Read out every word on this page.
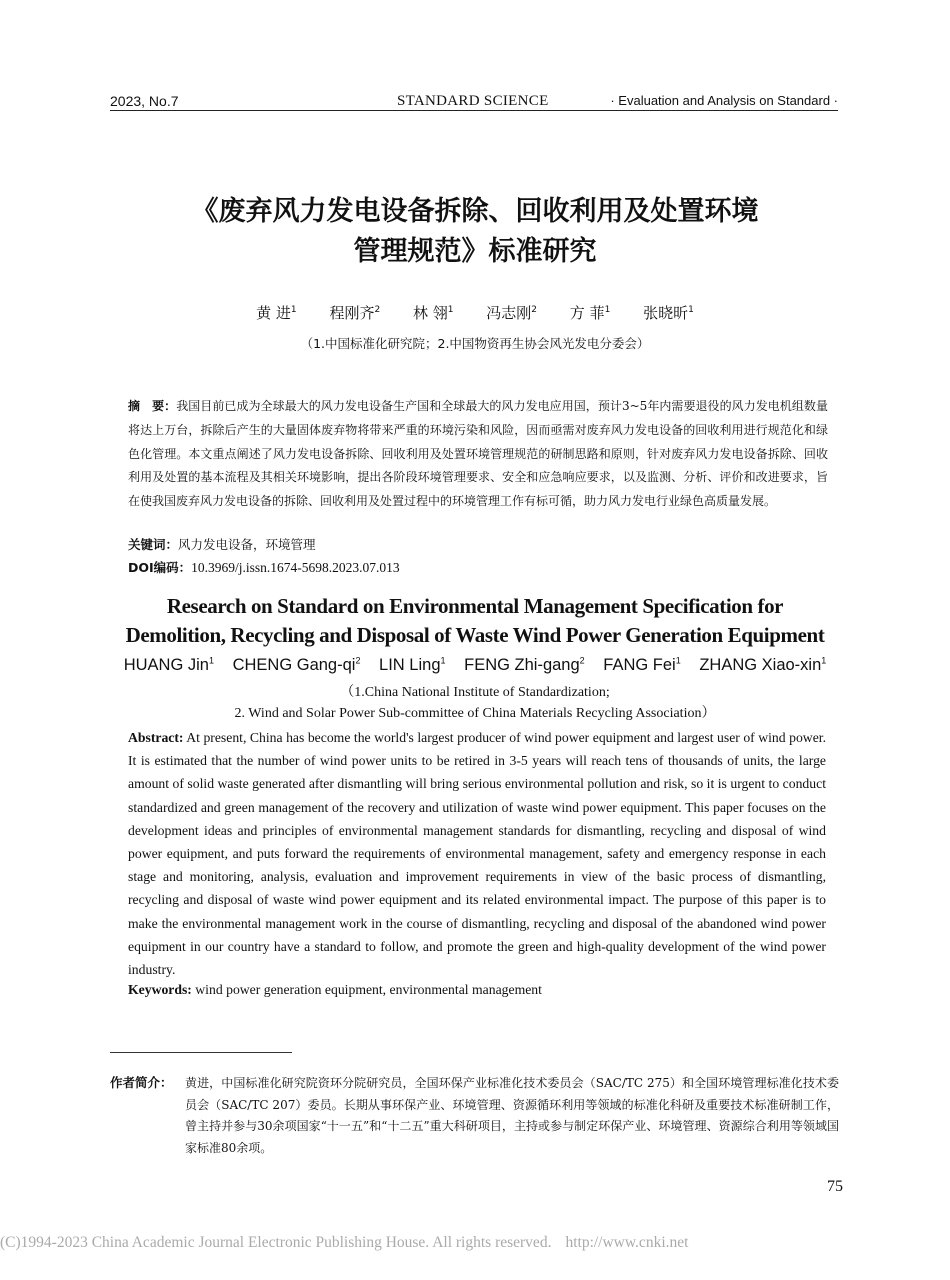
2023, No.7	STANDARD SCIENCE	· Evaluation and Analysis on Standard ·
《废弃风力发电设备拆除、回收利用及处置环境
管理规范》标准研究
黄 进$^1$ 程刚齐$^2$ 林 翎$^1$ 冯志刚$^2$ 方 菲$^1$ 张晓昕$^1$
（1.中国标准化研究院；2.中国物资再生协会风光发电分委会）
摘　要：我国目前已成为全球最大的风力发电设备生产国和全球最大的风力发电应用国，预计3~5年内需要退役的风力发电机组数量将达上万台，拆除后产生的大量固体废弃物将带来严重的环境污染和风险，因而亟需对废弃风力发电设备的回收利用进行规范化和绿色化管理。本文重点阐述了风力发电设备拆除、回收利用及处置环境管理规范的研制思路和原则，针对废弃风力发电设备拆除、回收利用及处置的基本流程及其相关环境影响，提出各阶段环境管理要求、安全和应急响应要求，以及监测、分析、评价和改进要求，旨在使我国废弃风力发电设备的拆除、回收利用及处置过程中的环境管理工作有标可循，助力风力发电行业绿色高质量发展。
关键词：风力发电设备，环境管理
DOI编码：10.3969/j.issn.1674-5698.2023.07.013
Research on Standard on Environmental Management Specification for
Demolition, Recycling and Disposal of Waste Wind Power Generation Equipment
HUANG Jin$^1$ CHENG Gang-$qi^2$ LIN Ling$^1$ FENG Zhi-gang$^2$ FANG Fei$^1$ ZHANG Xiao-xin$^1$
（1.China National Institute of Standardization;
2. Wind and Solar Power Sub-committee of China Materials Recycling Association）
Abstract: At present, China has become the world's largest producer of wind power equipment and largest user of wind power. It is estimated that the number of wind power units to be retired in 3-5 years will reach tens of thousands of units, the large amount of solid waste generated after dismantling will bring serious environmental pollution and risk, so it is urgent to conduct standardized and green management of the recovery and utilization of waste wind power equipment. This paper focuses on the development ideas and principles of environmental management standards for dismantling, recycling and disposal of wind power equipment, and puts forward the requirements of environmental management, safety and emergency response in each stage and monitoring, analysis, evaluation and improvement requirements in view of the basic process of dismantling, recycling and disposal of waste wind power equipment and its related environmental impact. The purpose of this paper is to make the environmental management work in the course of dismantling, recycling and disposal of the abandoned wind power equipment in our country have a standard to follow, and promote the green and high-quality development of the wind power industry.
Keywords: wind power generation equipment, environmental management
作者简介： 黄进，中国标准化研究院资环分院研究员，全国环保产业标准化技术委员会（SAC/TC 275）和全国环境管理标准化技术委员会（SAC/TC 207）委员。长期从事环保产业、环境管理、资源循环利用等领域的标准化科研及重要技术标准研制工作，曾主持并参与30余项国家“十一五”和“十二五”重大科研项目，主持或参与制定环保产业、环境管理、资源综合利用等领域国家标准80余项。
75
(C)1994-2023 China Academic Journal Electronic Publishing House. All rights reserved. http://www.cnki.net
